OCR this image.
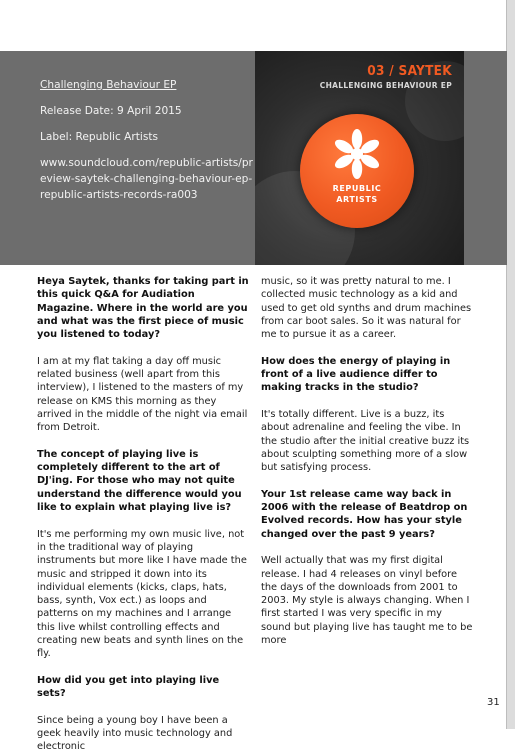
Challenging Behaviour EP
Release Date: 9 April 2015
Label: Republic Artists
www.soundcloud.com/republic-artists/preview-saytek-challenging-behaviour-ep-republic-artists-records-ra003
03 / SAYTEK
CHALLENGING BEHAVIOUR EP
REPUBLIC
ARTISTS

Heya Saytek, thanks for taking part in this quick Q&A for Audiation Magazine. Where in the world are you and what was the first piece of music you listened to today?

I am at my flat taking a day off music related business (well apart from this interview), I listened to the masters of my release on KMS this morning as they arrived in the middle of the night via email from Detroit.

The concept of playing live is completely different to the art of DJ'ing. For those who may not quite understand the difference would you like to explain what playing live is?

It's me performing my own music live, not in the traditional way of playing instruments but more like I have made the music and stripped it down into its individual elements (kicks, claps, hats, bass, synth, Vox ect.) as loops and patterns on my machines and I arrange this live whilst controlling effects and creating new beats and synth lines on the fly.

How did you get into playing live sets?

Since being a young boy I have been a geek heavily into music technology and electronic

music, so it was pretty natural to me. I collected music technology as a kid and used to get old synths and drum machines from car boot sales. So it was natural for me to pursue it as a career.

How does the energy of playing in front of a live audience differ to making tracks in the studio?

It's totally different. Live is a buzz, its about adrenaline and feeling the vibe. In the studio after the initial creative buzz its about sculpting something more of a slow but satisfying process.

Your 1st release came way back in 2006 with the release of Beatdrop on Evolved records. How has your style changed over the past 9 years?

Well actually that was my first digital release. I had 4 releases on vinyl before the days of the downloads from 2001 to 2003. My style is always changing. When I first started I was very specific in my sound but playing live has taught me to be more

31
